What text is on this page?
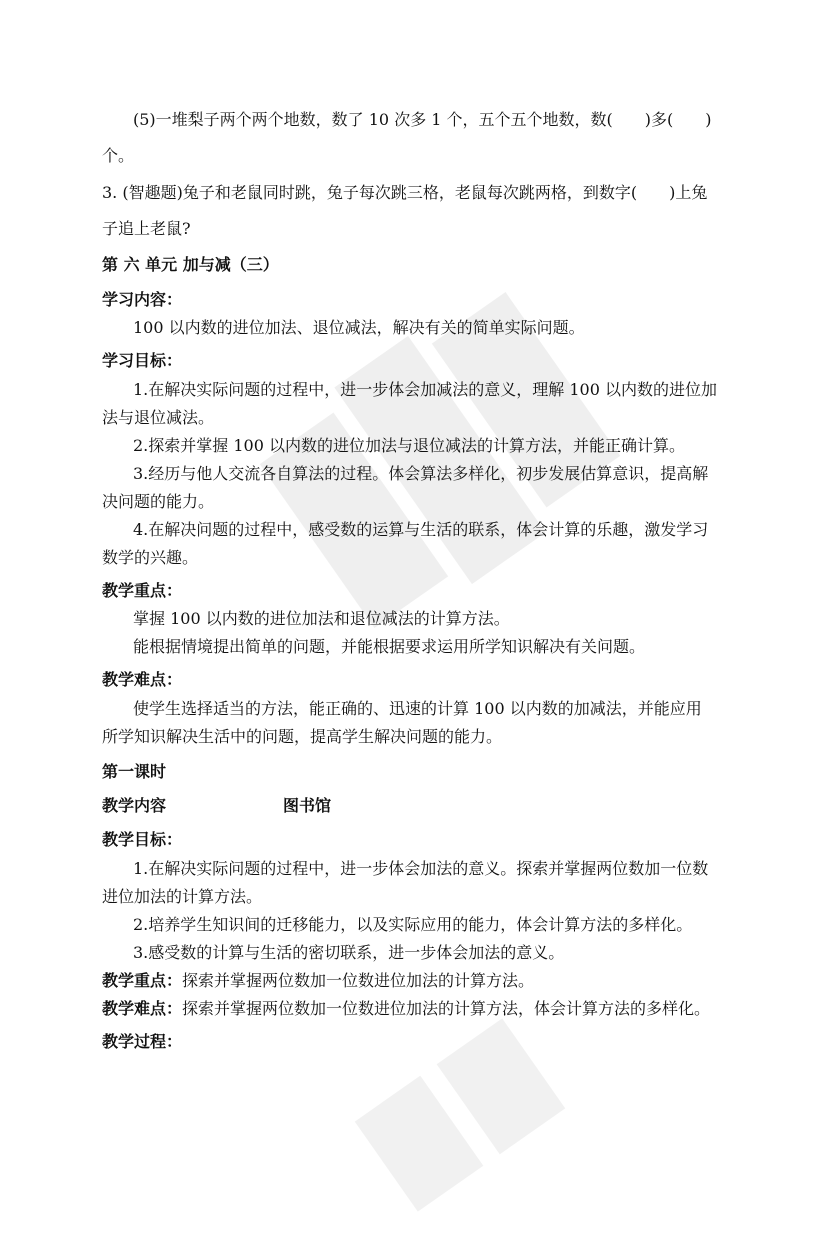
(5)一堆梨子两个两个地数，数了 10 次多 1 个，五个五个地数，数(　　)多(　　)
个。
3. (智趣题)兔子和老鼠同时跳，兔子每次跳三格，老鼠每次跳两格，到数字(　　)上兔
子追上老鼠?
第 六 单元 加与减（三）
学习内容：
100 以内数的进位加法、退位减法，解决有关的简单实际问题。
学习目标：
1.在解决实际问题的过程中，进一步体会加减法的意义，理解 100 以内数的进位加
法与退位减法。
2.探索并掌握 100 以内数的进位加法与退位减法的计算方法，并能正确计算。
3.经历与他人交流各自算法的过程。体会算法多样化，初步发展估算意识，提高解
决问题的能力。
4.在解决问题的过程中，感受数的运算与生活的联系，体会计算的乐趣，激发学习
数学的兴趣。
教学重点：
掌握 100 以内数的进位加法和退位减法的计算方法。
能根据情境提出简单的问题，并能根据要求运用所学知识解决有关问题。
教学难点：
使学生选择适当的方法，能正确的、迅速的计算 100 以内数的加减法，并能应用
所学知识解决生活中的问题，提高学生解决问题的能力。
第一课时
教学内容	图书馆
教学目标：
1.在解决实际问题的过程中，进一步体会加法的意义。探索并掌握两位数加一位数
进位加法的计算方法。
2.培养学生知识间的迁移能力，以及实际应用的能力，体会计算方法的多样化。
3.感受数的计算与生活的密切联系，进一步体会加法的意义。
教学重点：探索并掌握两位数加一位数进位加法的计算方法。
教学难点：探索并掌握两位数加一位数进位加法的计算方法，体会计算方法的多样化。
教学过程：
